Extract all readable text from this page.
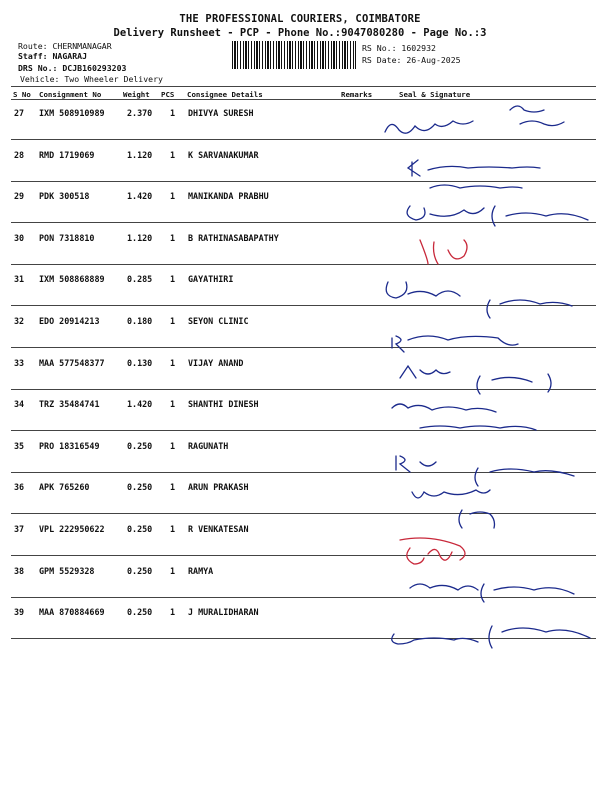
THE PROFESSIONAL COURIERS, COIMBATORE
Delivery Runsheet - PCP - Phone No.:9047080280 - Page No.:3
Route: CHERNMANAGAR
Staff: NAGARAJ
DRS No.: DCJB160293203
Vehicle: Two Wheeler Delivery
RS No.: 1602932
RS Date: 26-Aug-2025
S No Consignment No	Weight PCS Consignee Details	Remarks	Seal & Signature
27 IXM 508910989	2.370 1 DHIVYA SURESH
28 RMD 1719069	1.120 1 K SARVANAKUMAR
29 PDK 300518	1.420 1 MANIKANDA PRABHU
30 PON 7318810	1.120 1 B RATHINASABAPATHY
31 IXM 508868889	0.285 1 GAYATHIRI
32 EDO 20914213	0.180 1 SEYON CLINIC
33 MAA 577548377	0.130 1 VIJAY ANAND
34 TRZ 35484741	1.420 1 SHANTHI DINESH
35 PRO 18316549	0.250 1 RAGUNATH
36 APK 765260	0.250 1 ARUN PRAKASH
37 VPL 222950622	0.250 1 R VENKATESAN
38 GPM 5529328	0.250 1 RAMYA
39 MAA 870884669	0.250 1 J MURALIDHARAN
